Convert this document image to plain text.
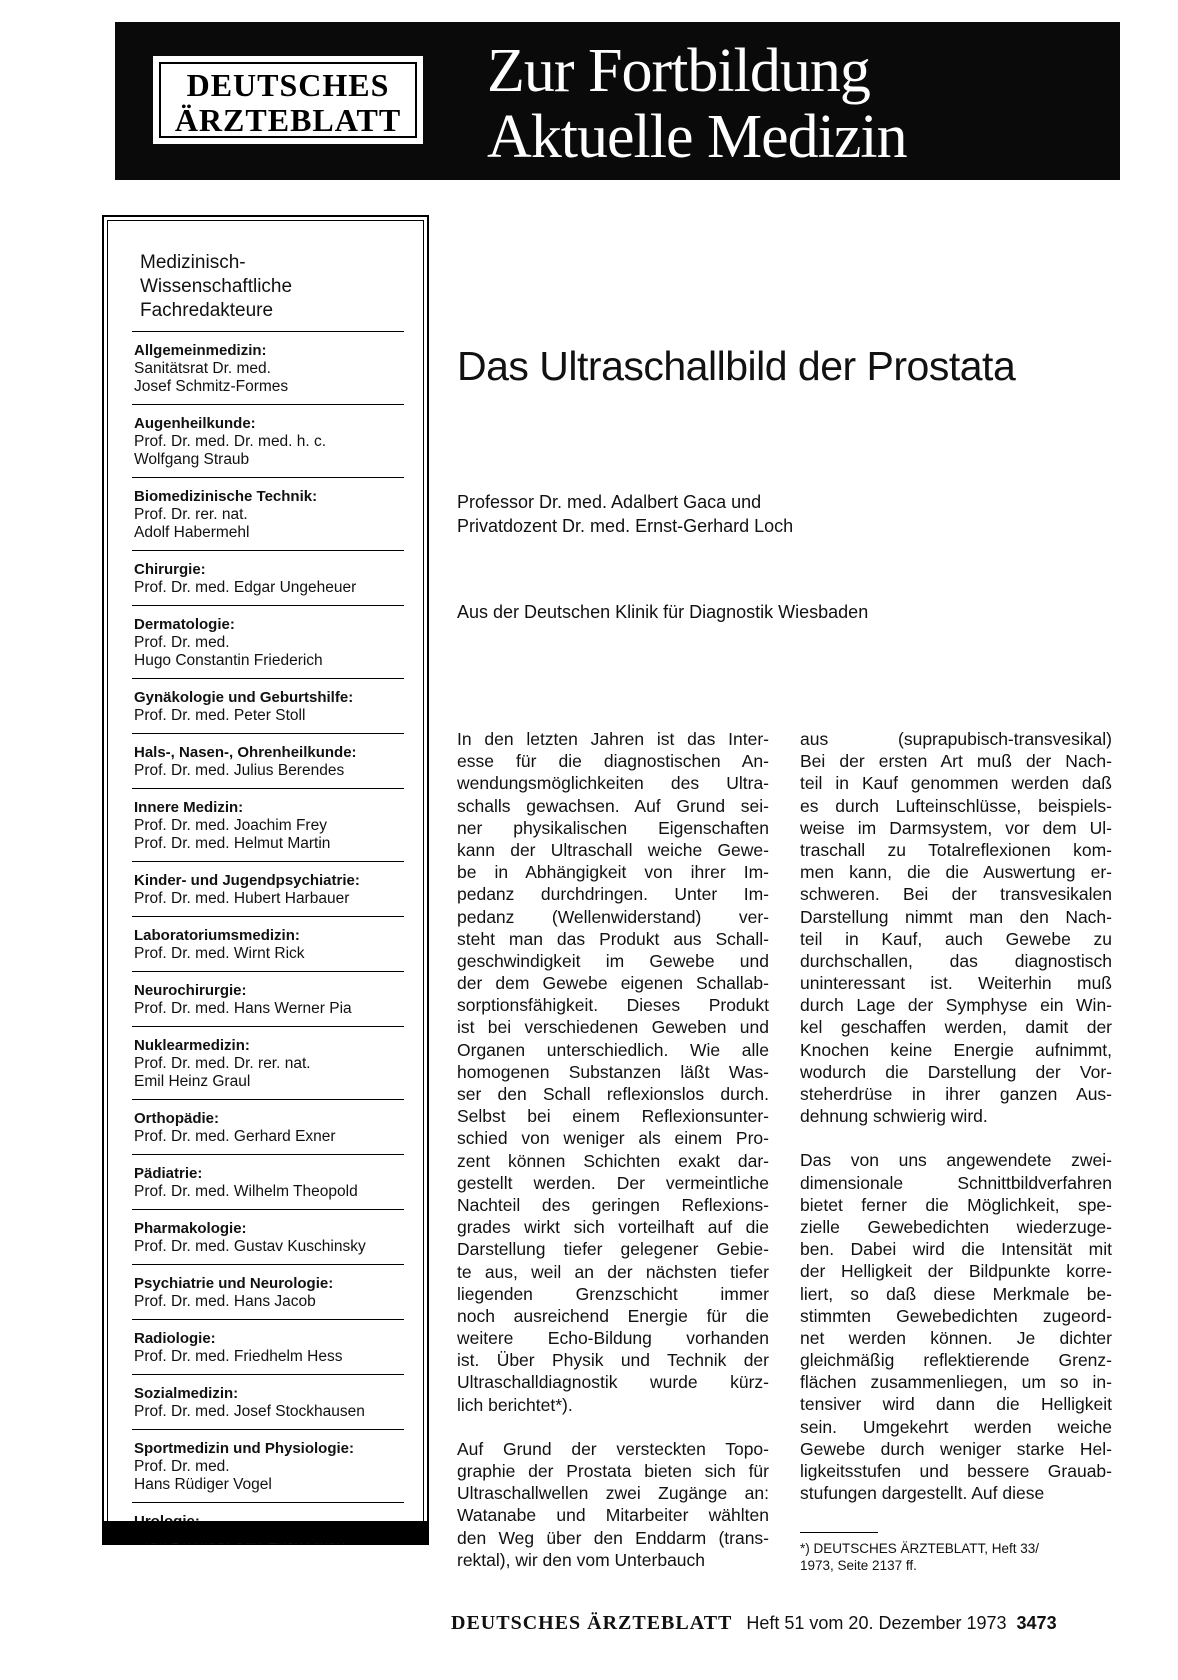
DEUTSCHES
ÄRZTEBLATT
Zur Fortbildung
Aktuelle Medizin
Medizinisch-
Wissenschaftliche
Fachredakteure
Allgemeinmedizin:
Sanitätsrat Dr. med.
Josef Schmitz-Formes
Augenheilkunde:
Prof. Dr. med. Dr. med. h. c.
Wolfgang Straub
Biomedizinische Technik:
Prof. Dr. rer. nat.
Adolf Habermehl
Chirurgie:
Prof. Dr. med. Edgar Ungeheuer
Dermatologie:
Prof. Dr. med.
Hugo Constantin Friederich
Gynäkologie und Geburtshilfe:
Prof. Dr. med. Peter Stoll
Hals-, Nasen-, Ohrenheilkunde:
Prof. Dr. med. Julius Berendes
Innere Medizin:
Prof. Dr. med. Joachim Frey
Prof. Dr. med. Helmut Martin
Kinder- und Jugendpsychiatrie:
Prof. Dr. med. Hubert Harbauer
Laboratoriumsmedizin:
Prof. Dr. med. Wirnt Rick
Neurochirurgie:
Prof. Dr. med. Hans Werner Pia
Nuklearmedizin:
Prof. Dr. med. Dr. rer. nat.
Emil Heinz Graul
Orthopädie:
Prof. Dr. med. Gerhard Exner
Pädiatrie:
Prof. Dr. med. Wilhelm Theopold
Pharmakologie:
Prof. Dr. med. Gustav Kuschinsky
Psychiatrie und Neurologie:
Prof. Dr. med. Hans Jacob
Radiologie:
Prof. Dr. med. Friedhelm Hess
Sozialmedizin:
Prof. Dr. med. Josef Stockhausen
Sportmedizin und Physiologie:
Prof. Dr. med.
Hans Rüdiger Vogel
Das Ultraschallbild der Prostata
Professor Dr. med. Adalbert Gaca und
Privatdozent Dr. med. Ernst-Gerhard Loch
Aus der Deutschen Klinik für Diagnostik Wiesbaden

In den letzten Jahren ist das Inter-
esse für die diagnostischen An-
wendungsmöglichkeiten des Ultra-
schalls gewachsen. Auf Grund sei-
ner physikalischen Eigenschaften
kann der Ultraschall weiche Gewe-
be in Abhängigkeit von ihrer Im-
pedanz durchdringen. Unter Im-
pedanz (Wellenwiderstand) ver-
steht man das Produkt aus Schall-
geschwindigkeit im Gewebe und
der dem Gewebe eigenen Schallab-
sorptionsfähigkeit. Dieses Produkt
ist bei verschiedenen Geweben und
Organen unterschiedlich. Wie alle
homogenen Substanzen läßt Was-
ser den Schall reflexionslos durch.
Selbst bei einem Reflexionsunter-
schied von weniger als einem Pro-
zent können Schichten exakt dar-
gestellt werden. Der vermeintliche
Nachteil des geringen Reflexions-
grades wirkt sich vorteilhaft auf die
Darstellung tiefer gelegener Gebie-
te aus, weil an der nächsten tiefer
liegenden Grenzschicht immer
noch ausreichend Energie für die
weitere Echo-Bildung vorhanden
ist. Über Physik und Technik der
Ultraschalldiagnostik wurde kürz-
lich berichtet*).

Auf Grund der versteckten Topo-
graphie der Prostata bieten sich für
Ultraschallwellen zwei Zugänge an:
Watanabe und Mitarbeiter wählten
den Weg über den Enddarm (trans-
rektal), wir den vom Unterbauch

aus (suprapubisch-transvesikal)
Bei der ersten Art muß der Nach-
teil in Kauf genommen werden daß
es durch Lufteinschlüsse, beispiels-
weise im Darmsystem, vor dem Ul-
traschall zu Totalreflexionen kom-
men kann, die die Auswertung er-
schweren. Bei der transvesikalen
Darstellung nimmt man den Nach-
teil in Kauf, auch Gewebe zu
durchschallen, das diagnostisch
uninteressant ist. Weiterhin muß
durch Lage der Symphyse ein Win-
kel geschaffen werden, damit der
Knochen keine Energie aufnimmt,
wodurch die Darstellung der Vor-
steherdrüse in ihrer ganzen Aus-
dehnung schwierig wird.

Das von uns angewendete zwei-
dimensionale Schnittbildverfahren
bietet ferner die Möglichkeit, spe-
zielle Gewebedichten wiederzuge-
ben. Dabei wird die Intensität mit
der Helligkeit der Bildpunkte korre-
liert, so daß diese Merkmale be-
stimmten Gewebedichten zugeord-
net werden können. Je dichter
gleichmäßig reflektierende Grenz-
flächen zusammenliegen, um so in-
tensiver wird dann die Helligkeit
sein. Umgekehrt werden weiche
Gewebe durch weniger starke Hel-
ligkeitsstufen und bessere Grauab-
stufungen dargestellt. Auf diese

*) DEUTSCHES ÄRZTEBLATT, Heft 33/
1973, Seite 2137 ff.
DEUTSCHES ÄRZTEBLATT Heft 51 vom 20. Dezember 1973 3473
